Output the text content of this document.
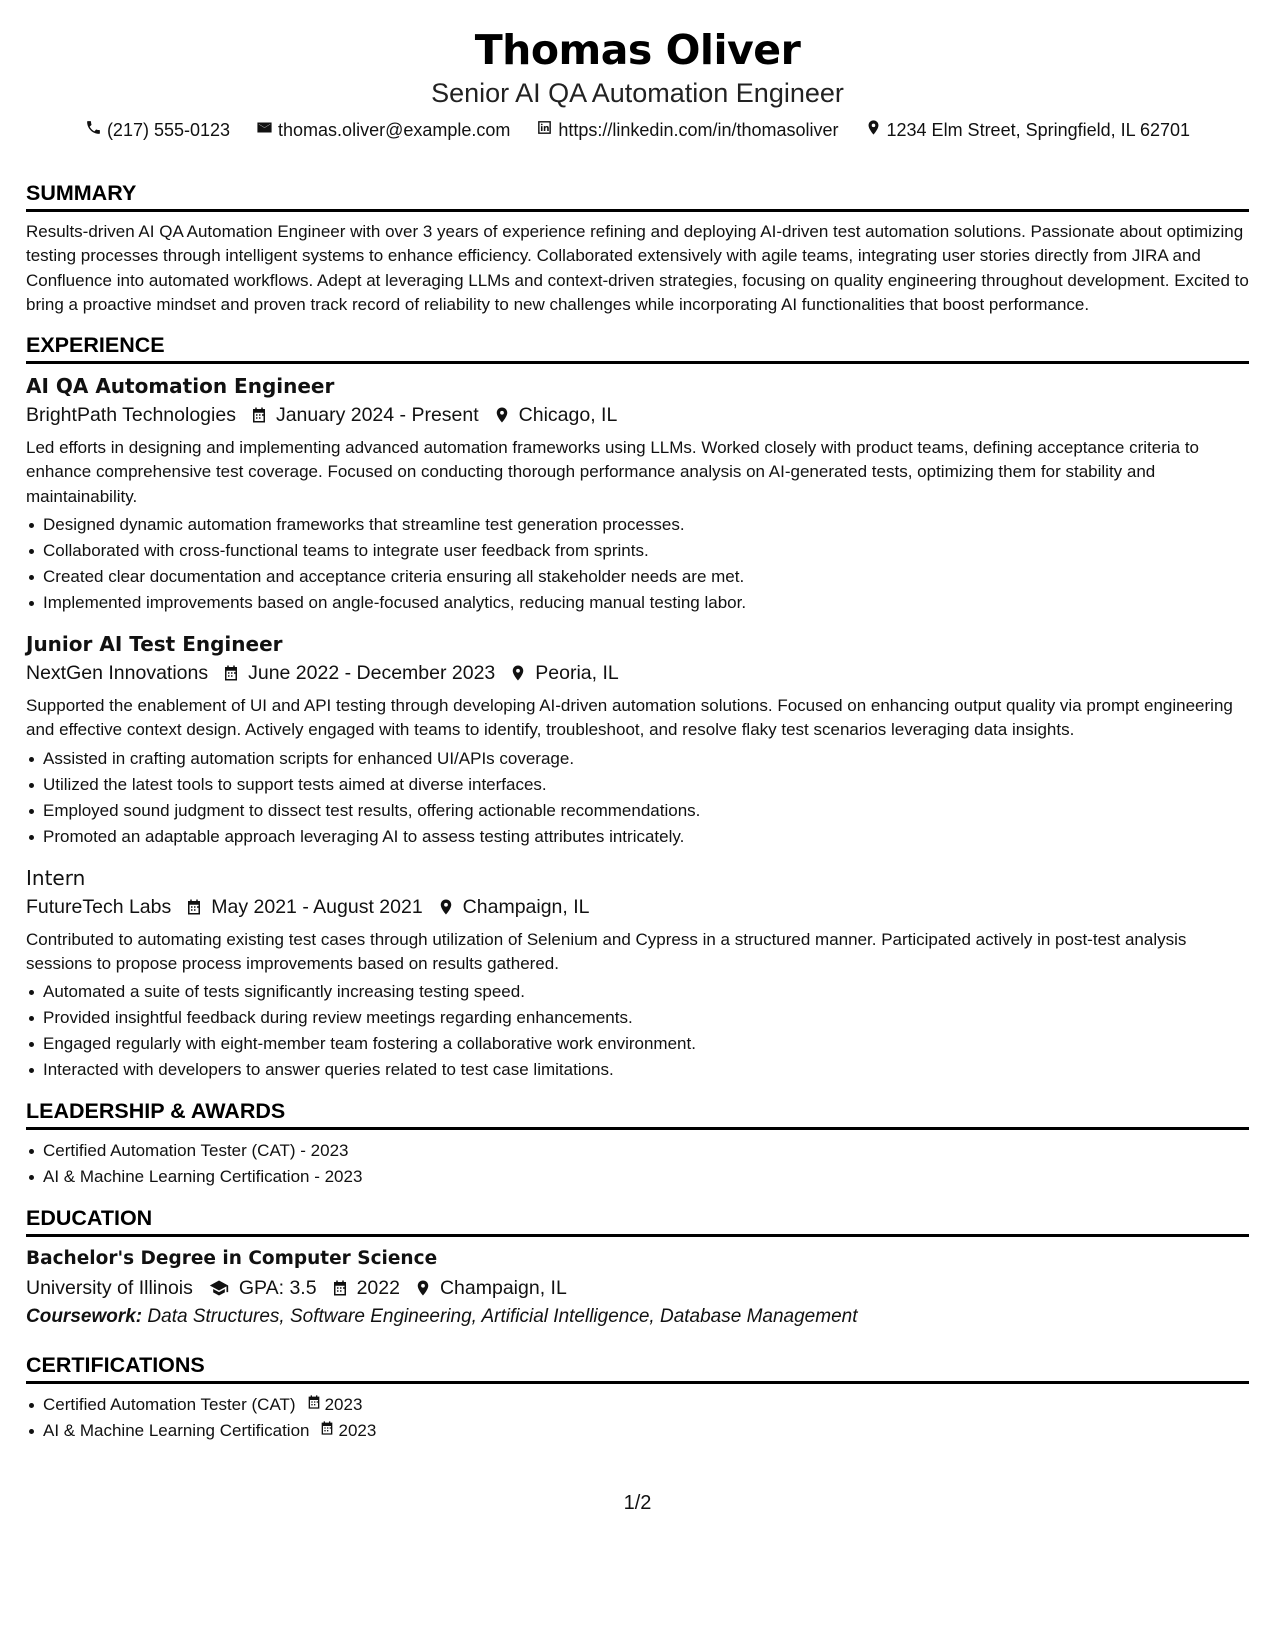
Thomas Oliver
Senior AI QA Automation Engineer
(217) 555-0123	thomas.oliver@example.com	https://linkedin.com/in/thomasoliver	1234 Elm Street, Springfield, IL 62701
SUMMARY
Results-driven AI QA Automation Engineer with over 3 years of experience refining and deploying AI-driven test automation solutions. Passionate about optimizing testing processes through intelligent systems to enhance efficiency. Collaborated extensively with agile teams, integrating user stories directly from JIRA and Confluence into automated workflows. Adept at leveraging LLMs and context-driven strategies, focusing on quality engineering throughout development. Excited to bring a proactive mindset and proven track record of reliability to new challenges while incorporating AI functionalities that boost performance.
EXPERIENCE
AI QA Automation Engineer
BrightPath Technologies January 2024 - Present Chicago, IL
Led efforts in designing and implementing advanced automation frameworks using LLMs. Worked closely with product teams, defining acceptance criteria to enhance comprehensive test coverage. Focused on conducting thorough performance analysis on AI-generated tests, optimizing them for stability and maintainability.
Designed dynamic automation frameworks that streamline test generation processes.
Collaborated with cross-functional teams to integrate user feedback from sprints.
Created clear documentation and acceptance criteria ensuring all stakeholder needs are met.
Implemented improvements based on angle-focused analytics, reducing manual testing labor.
Junior AI Test Engineer
NextGen Innovations June 2022 - December 2023 Peoria, IL
Supported the enablement of UI and API testing through developing AI-driven automation solutions. Focused on enhancing output quality via prompt engineering and effective context design. Actively engaged with teams to identify, troubleshoot, and resolve flaky test scenarios leveraging data insights.
Assisted in crafting automation scripts for enhanced UI/APIs coverage.
Utilized the latest tools to support tests aimed at diverse interfaces.
Employed sound judgment to dissect test results, offering actionable recommendations.
Promoted an adaptable approach leveraging AI to assess testing attributes intricately.
Intern
FutureTech Labs May 2021 - August 2021 Champaign, IL
Contributed to automating existing test cases through utilization of Selenium and Cypress in a structured manner. Participated actively in post-test analysis sessions to propose process improvements based on results gathered.
Automated a suite of tests significantly increasing testing speed.
Provided insightful feedback during review meetings regarding enhancements.
Engaged regularly with eight-member team fostering a collaborative work environment.
Interacted with developers to answer queries related to test case limitations.
LEADERSHIP & AWARDS
Certified Automation Tester (CAT) - 2023
AI & Machine Learning Certification - 2023
EDUCATION
Bachelor's Degree in Computer Science
University of Illinois GPA: 3.5 2022 Champaign, IL
Coursework: Data Structures, Software Engineering, Artificial Intelligence, Database Management
CERTIFICATIONS
Certified Automation Tester (CAT) 2023
AI & Machine Learning Certification 2023
1/2
